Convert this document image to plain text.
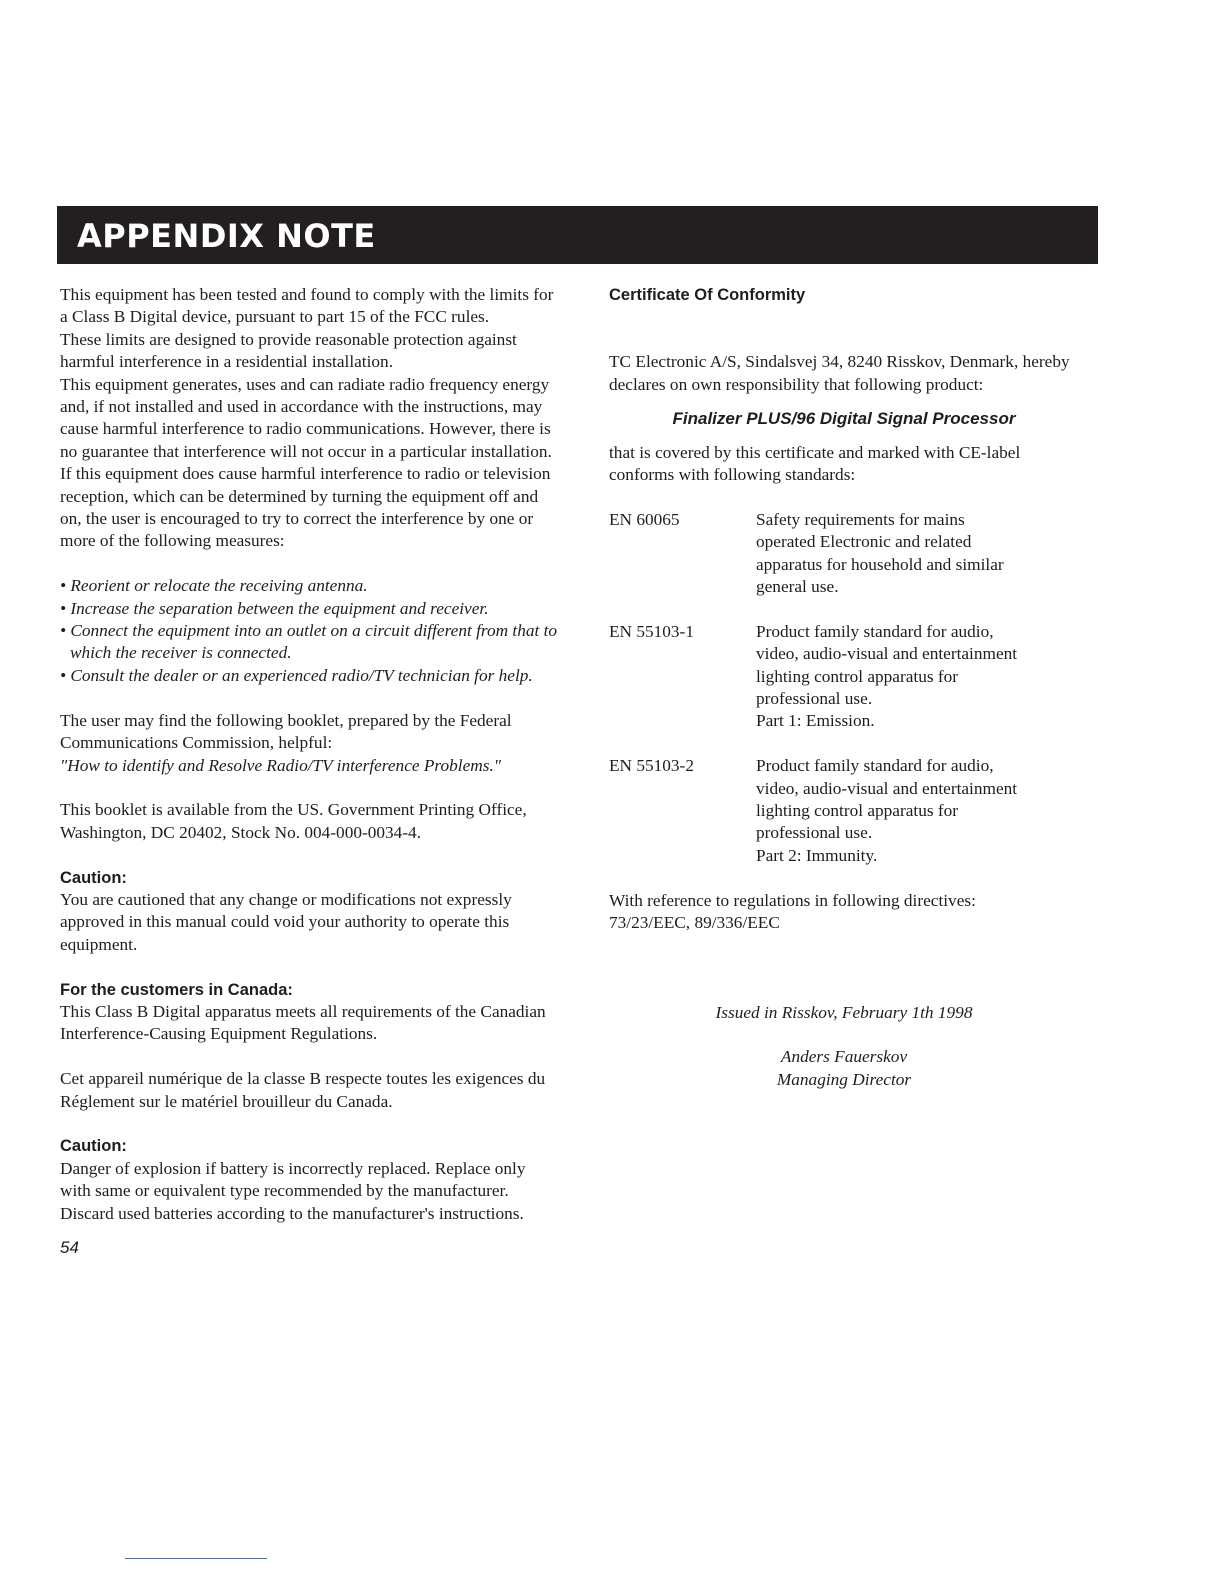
APPENDIX NOTE

This equipment has been tested and found to comply with the limits for a Class B Digital device, pursuant to part 15 of the FCC rules.

These limits are designed to provide reasonable protection against harmful interference in a residential installation.

This equipment generates, uses and can radiate radio frequency energy and, if not installed and used in accordance with the instructions, may cause harmful interference to radio communications. However, there is no guarantee that interference will not occur in a particular installation.

If this equipment does cause harmful interference to radio or television reception, which can be determined by turning the equipment off and on, the user is encouraged to try to correct the interference by one or more of the following measures:

• Reorient or relocate the receiving antenna.
• Increase the separation between the equipment and receiver.
• Connect the equipment into an outlet on a circuit different from that to which the receiver is connected.
• Consult the dealer or an experienced radio/TV technician for help.

The user may find the following booklet, prepared by the Federal Communications Commission, helpful:

"How to identify and Resolve Radio/TV interference Problems."

This booklet is available from the US. Government Printing Office, Washington, DC 20402, Stock No. 004-000-0034-4.

Caution:

You are cautioned that any change or modifications not expressly approved in this manual could void your authority to operate this equipment.

For the customers in Canada:

This Class B Digital apparatus meets all requirements of the Canadian Interference-Causing Equipment Regulations.

Cet appareil numérique de la classe B respecte toutes les exigences du Réglement sur le matériel brouilleur du Canada.

Caution:

Danger of explosion if battery is incorrectly replaced. Replace only with same or equivalent type recommended by the manufacturer. Discard used batteries according to the manufacturer's instructions.

54

Certificate Of Conformity

TC Electronic A/S, Sindalsvej 34, 8240 Risskov, Denmark, hereby declares on own responsibility that following product:

Finalizer PLUS/96 Digital Signal Processor

that is covered by this certificate and marked with CE-label conforms with following standards:

EN 60065	Safety requirements for mains
operated Electronic and related
apparatus for household and similar
general use.
EN 55103-1	Product family standard for audio,
video, audio-visual and entertainment
lighting control apparatus for
professional use.
Part 1: Emission.
EN 55103-2	Product family standard for audio,
video, audio-visual and entertainment
lighting control apparatus for
professional use.
Part 2: Immunity.

With reference to regulations in following directives:

73/23/EEC, 89/336/EEC

Issued in Risskov, February 1th 1998

Anders Fauerskov

Managing Director
